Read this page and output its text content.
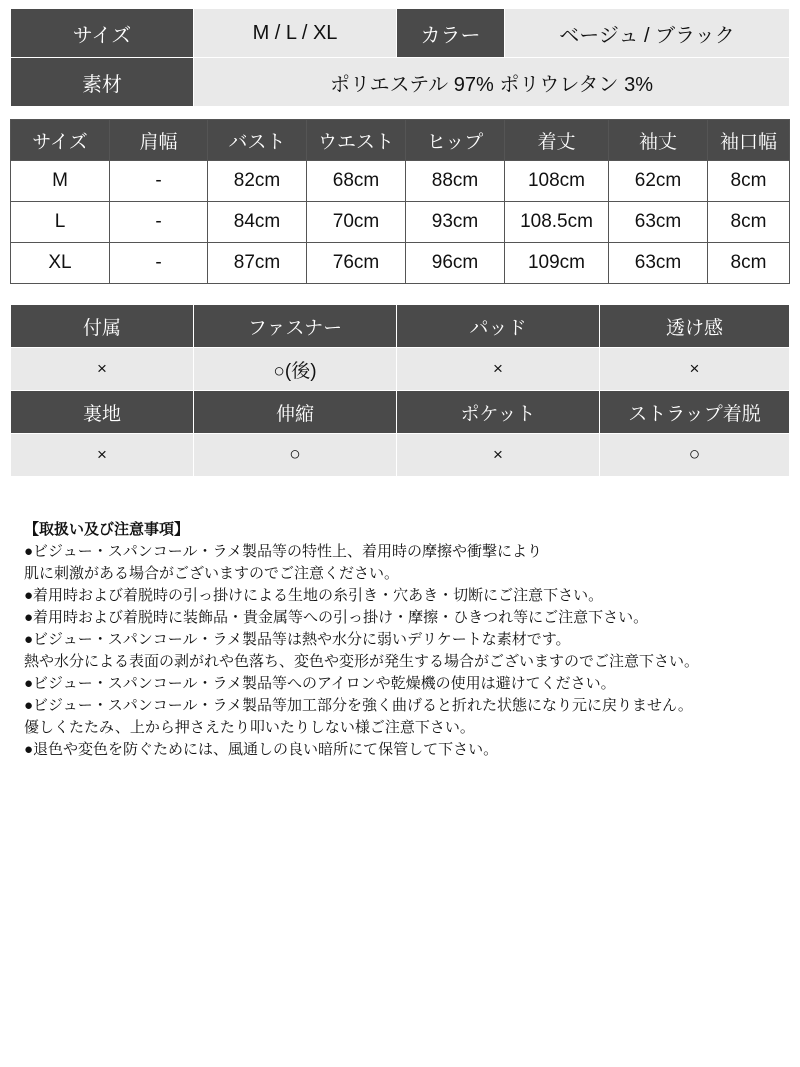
サイズ	M / L / XL	カラー	ベージュ / ブラック
素材	ポリエステル 97% ポリウレタン 3%		
サイズ	肩幅	バスト	ウエスト	ヒップ	着丈	袖丈	袖口幅
M	-	82cm	68cm	88cm	108cm	62cm	8cm
L	-	84cm	70cm	93cm	108.5cm	63cm	8cm
XL	-	87cm	76cm	96cm	109cm	63cm	8cm
付属	ファスナー	パッド	透け感
×	○(後)	×	×
裏地	伸縮	ポケット	ストラップ着脱
×	○	×	○
【取扱い及び注意事項】
●ビジュー・スパンコール・ラメ製品等の特性上、着用時の摩擦や衝撃により
肌に刺激がある場合がございますのでご注意ください。
●着用時および着脱時の引っ掛けによる生地の糸引き・穴あき・切断にご注意下さい。
●着用時および着脱時に装飾品・貴金属等への引っ掛け・摩擦・ひきつれ等にご注意下さい。
●ビジュー・スパンコール・ラメ製品等は熱や水分に弱いデリケートな素材です。
熱や水分による表面の剥がれや色落ち、変色や変形が発生する場合がございますのでご注意下さい。
●ビジュー・スパンコール・ラメ製品等へのアイロンや乾燥機の使用は避けてください。
●ビジュー・スパンコール・ラメ製品等加工部分を強く曲げると折れた状態になり元に戻りません。
優しくたたみ、上から押さえたり叩いたりしない様ご注意下さい。
●退色や変色を防ぐためには、風通しの良い暗所にて保管して下さい。
